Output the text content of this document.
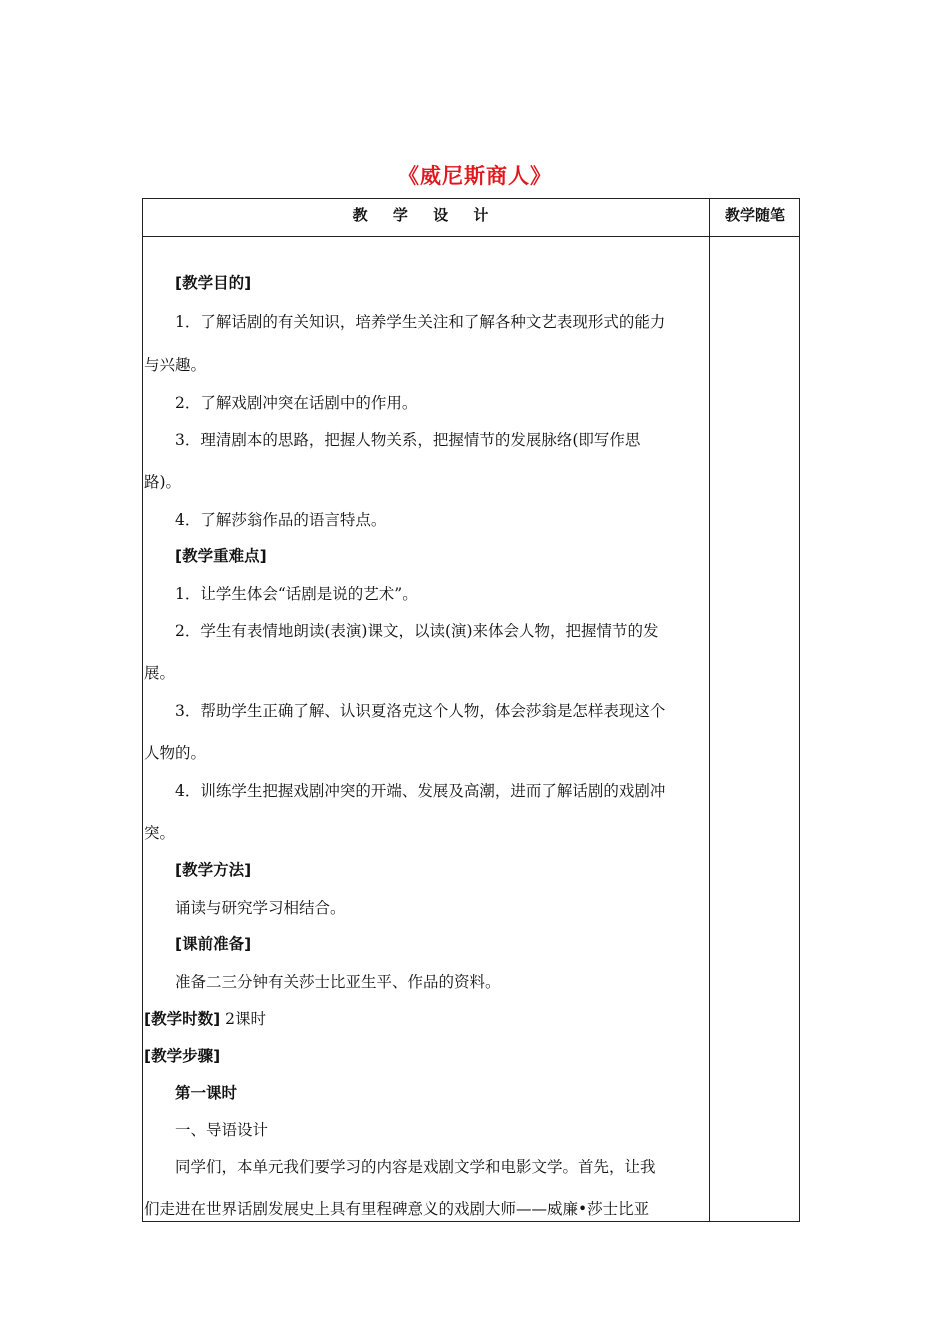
《威尼斯商人》
教 学 设 计	教学随笔
[教学目的]
1．了解话剧的有关知识，培养学生关注和了解各种文艺表现形式的能力
与兴趣。
2．了解戏剧冲突在话剧中的作用。
3．理清剧本的思路，把握人物关系，把握情节的发展脉络(即写作思
路)。
4．了解莎翁作品的语言特点。
[教学重难点]
1．让学生体会“话剧是说的艺术”。
2．学生有表情地朗读(表演)课文，以读(演)来体会人物，把握情节的发
展。
3．帮助学生正确了解、认识夏洛克这个人物，体会莎翁是怎样表现这个
人物的。
4．训练学生把握戏剧冲突的开端、发展及高潮，进而了解话剧的戏剧冲
突。
[教学方法]
诵读与研究学习相结合。
[课前准备]
准备二三分钟有关莎士比亚生平、作品的资料。
[教学时数] 2课时
[教学步骤]
第一课时
一、导语设计
同学们，本单元我们要学习的内容是戏剧文学和电影文学。首先，让我
们走进在世界话剧发展史上具有里程碑意义的戏剧大师——威廉•莎士比亚
